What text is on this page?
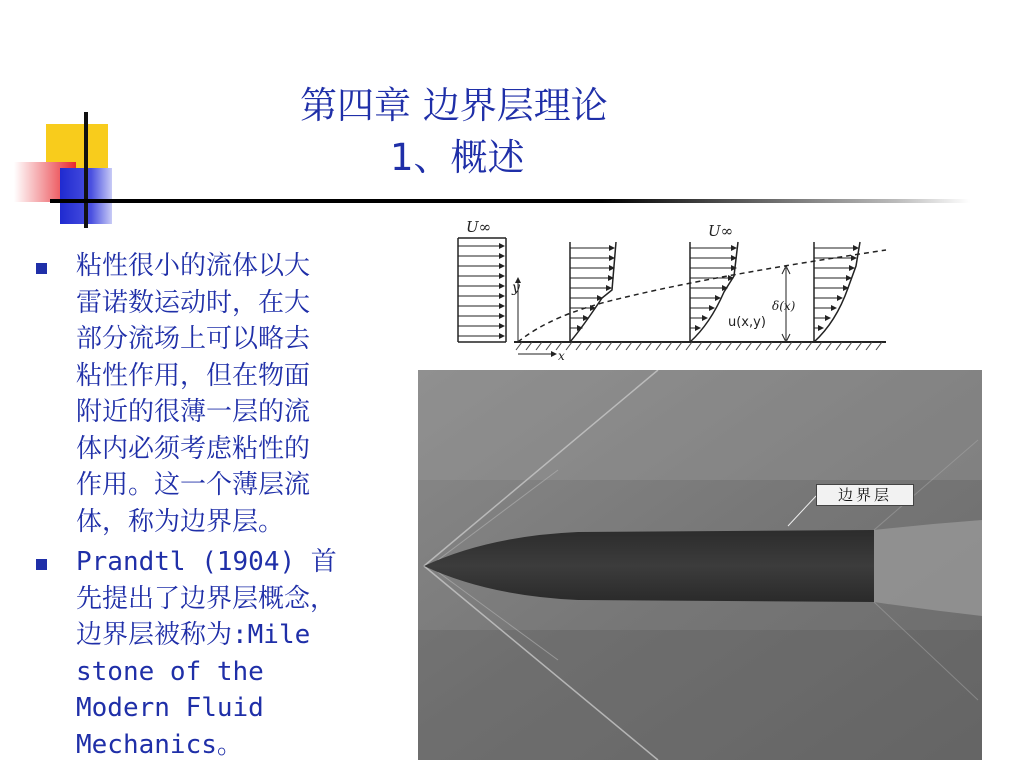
第四章 边界层理论
1、概述
粘性很小的流体以大
雷诺数运动时，在大
部分流场上可以略去
粘性作用，但在物面
附近的很薄一层的流
体内必须考虑粘性的
作用。这一个薄层流
体，称为边界层。
Prandtl (1904) 首
先提出了边界层概念，
边界层被称为:Mile
stone of the
Modern Fluid
Mechanics。
U∞
y
x
U∞
u(x,y)
δ(x)
边界层
